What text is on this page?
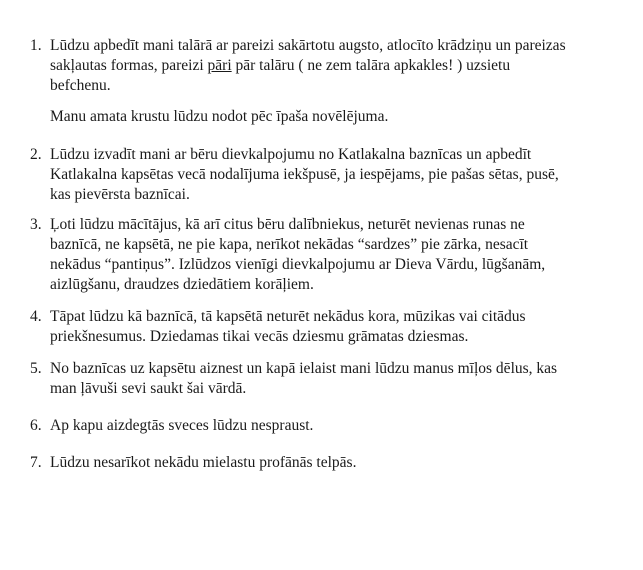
1. Lūdzu apbedīt mani talārā ar pareizi sakārtotu augsto, atlocīto krādziņu un pareizas
sakļautas formas, pareizi pāri pār talāru ( ne zem talāra apkakles! ) uzsietu
befchenu.
Manu amata krustu lūdzu nodot pēc īpaša novēlējuma.
2. Lūdzu izvadīt mani ar bēru dievkalpojumu no Katlakalna baznīcas un apbedīt
Katlakalna kapsētas vecā nodalījuma iekšpusē, ja iespējams, pie pašas sētas, pusē,
kas pievērsta baznīcai.
3. Ļoti lūdzu mācītājus, kā arī citus bēru dalībniekus, neturēt nevienas runas ne
baznīcā, ne kapsētā, ne pie kapa, nerīkot nekādas “sardzes” pie zārka, nesacīt
nekādus “pantiņus”. Izlūdzos vienīgi dievkalpojumu ar Dieva Vārdu, lūgšanām,
aizlūgšanu, draudzes dziedātiem korāļiem.
4. Tāpat lūdzu kā baznīcā, tā kapsētā neturēt nekādus kora, mūzikas vai citādus
priekšnesumus. Dziedamas tikai vecās dziesmu grāmatas dziesmas.
5. No baznīcas uz kapsētu aiznest un kapā ielaist mani lūdzu manus mīļos dēlus, kas
man ļāvuši sevi saukt šai vārdā.
6. Ap kapu aizdegtās sveces lūdzu nespraust.
7. Lūdzu nesarīkot nekādu mielastu profānās telpās.
